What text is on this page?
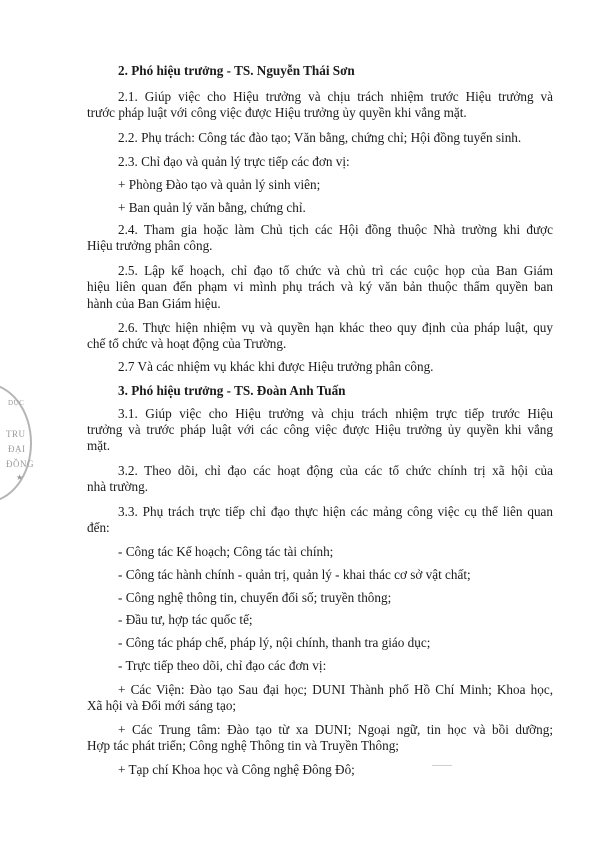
DỤC
TRU
ĐẠI
ĐỒNG
★

2. Phó hiệu trưởng - TS. Nguyễn Thái Sơn

2.1. Giúp việc cho Hiệu trưởng và chịu trách nhiệm trước Hiệu trưởng và

trước pháp luật với công việc được Hiệu trưởng ủy quyền khi vắng mặt.

2.2. Phụ trách: Công tác đào tạo; Văn bằng, chứng chỉ; Hội đồng tuyển sinh.

2.3. Chỉ đạo và quản lý trực tiếp các đơn vị:

+ Phòng Đào tạo và quản lý sinh viên;

+ Ban quản lý văn bằng, chứng chỉ.

2.4. Tham gia hoặc làm Chủ tịch các Hội đồng thuộc Nhà trường khi được

Hiệu trưởng phân công.

2.5. Lập kế hoạch, chỉ đạo tổ chức và chủ trì các cuộc họp của Ban Giám

hiệu liên quan đến phạm vi mình phụ trách và ký văn bản thuộc thẩm quyền ban

hành của Ban Giám hiệu.

2.6. Thực hiện nhiệm vụ và quyền hạn khác theo quy định của pháp luật, quy

chế tổ chức và hoạt động của Trường.

2.7 Và các nhiệm vụ khác khi được Hiệu trưởng phân công.

3. Phó hiệu trưởng - TS. Đoàn Anh Tuấn

3.1. Giúp việc cho Hiệu trưởng và chịu trách nhiệm trực tiếp trước Hiệu

trưởng và trước pháp luật với các công việc được Hiệu trưởng ủy quyền khi vắng

mặt.

3.2. Theo dõi, chỉ đạo các hoạt động của các tổ chức chính trị xã hội của

nhà trường.

3.3. Phụ trách trực tiếp chỉ đạo thực hiện các mảng công việc cụ thể liên quan

đến:

- Công tác Kế hoạch; Công tác tài chính;

- Công tác hành chính - quản trị, quản lý - khai thác cơ sở vật chất;

- Công nghệ thông tin, chuyển đổi số; truyền thông;

- Đầu tư, hợp tác quốc tế;

- Công tác pháp chế, pháp lý, nội chính, thanh tra giáo dục;

- Trực tiếp theo dõi, chỉ đạo các đơn vị:

+ Các Viện: Đào tạo Sau đại học; DUNI Thành phố Hồ Chí Minh; Khoa học,

Xã hội và Đổi mới sáng tạo;

+ Các Trung tâm: Đào tạo từ xa DUNI; Ngoại ngữ, tin học và bồi dưỡng;

Hợp tác phát triển; Công nghệ Thông tin và Truyền Thông;

+ Tạp chí Khoa học và Công nghệ Đông Đô;
